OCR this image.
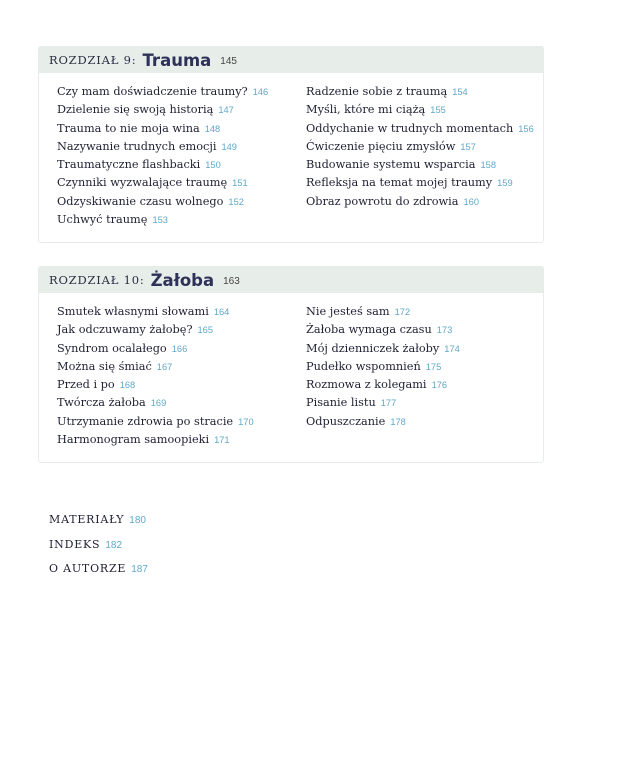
ROZDZIAŁ 9: Trauma 145
Czy mam doświadczenie traumy? 146
Dzielenie się swoją historią 147
Trauma to nie moja wina 148
Nazywanie trudnych emocji 149
Traumatyczne flashbacki 150
Czynniki wyzwalające traumę 151
Odzyskiwanie czasu wolnego 152
Uchwyć traumę 153
Radzenie sobie z traumą 154
Myśli, które mi ciążą 155
Oddychanie w trudnych momentach 156
Ćwiczenie pięciu zmysłów 157
Budowanie systemu wsparcia 158
Refleksja na temat mojej traumy 159
Obraz powrotu do zdrowia 160
ROZDZIAŁ 10: Żałoba 163
Smutek własnymi słowami 164
Jak odczuwamy żałobę? 165
Syndrom ocalałego 166
Można się śmiać 167
Przed i po 168
Twórcza żałoba 169
Utrzymanie zdrowia po stracie 170
Harmonogram samoopieki 171
Nie jesteś sam 172
Żałoba wymaga czasu 173
Mój dzienniczek żałoby 174
Pudełko wspomnień 175
Rozmowa z kolegami 176
Pisanie listu 177
Odpuszczanie 178
MATERIAŁY 180
INDEKS 182
O AUTORZE 187
